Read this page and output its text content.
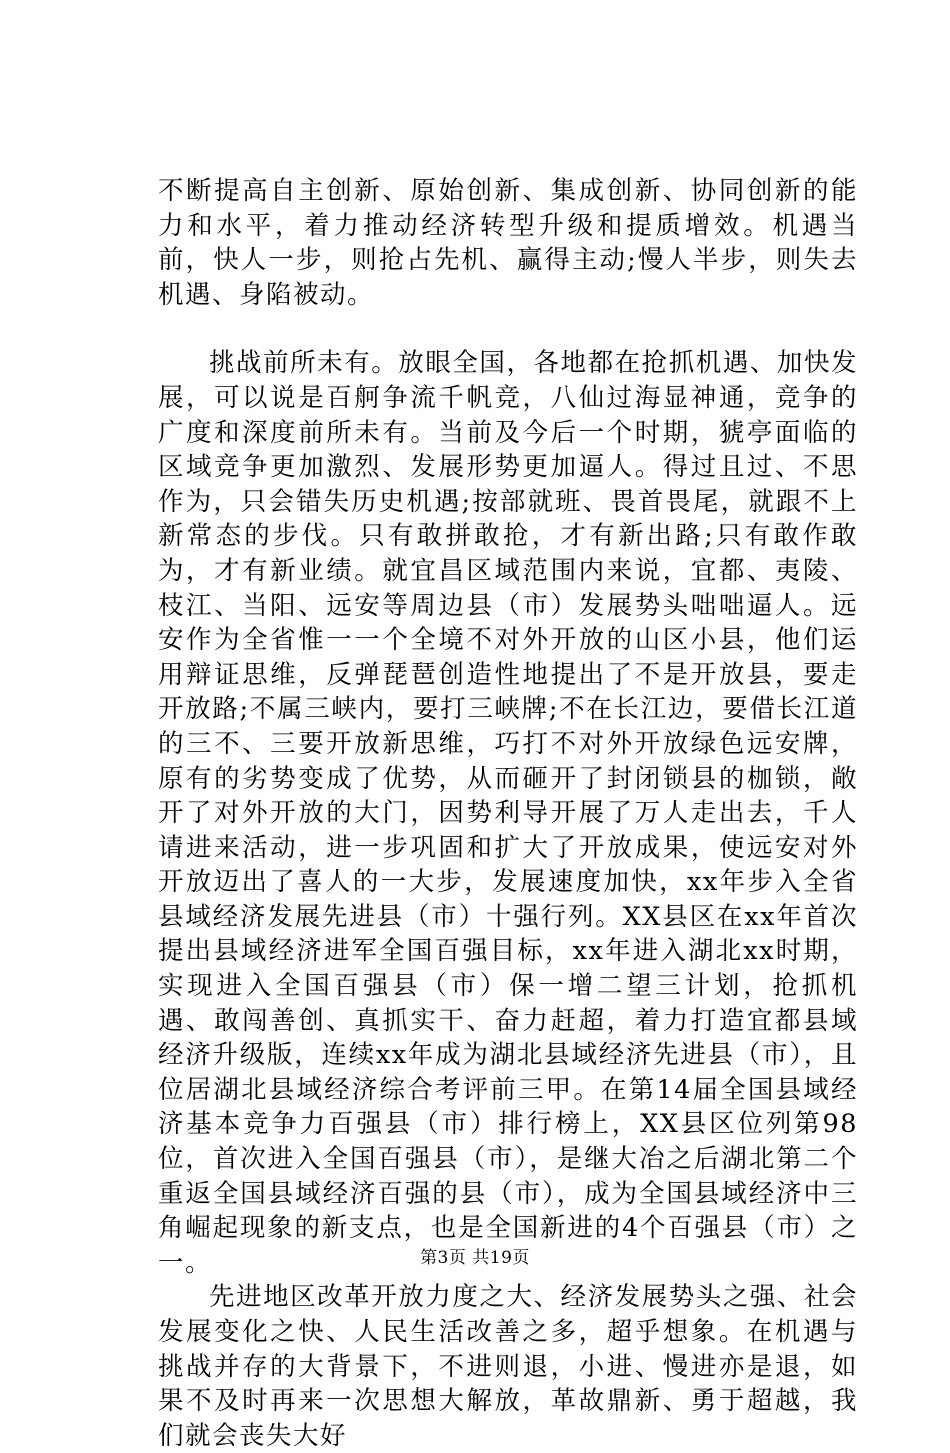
不断提高自主创新、原始创新、集成创新、协同创新的能力和水平，着力推动经济转型升级和提质增效。机遇当前，快人一步，则抢占先机、赢得主动;慢人半步，则失去机遇、身陷被动。

挑战前所未有。放眼全国，各地都在抢抓机遇、加快发展，可以说是百舸争流千帆竞，八仙过海显神通，竞争的广度和深度前所未有。当前及今后一个时期，猇亭面临的区域竞争更加激烈、发展形势更加逼人。得过且过、不思作为，只会错失历史机遇;按部就班、畏首畏尾，就跟不上新常态的步伐。只有敢拼敢抢，才有新出路;只有敢作敢为，才有新业绩。就宜昌区域范围内来说，宜都、夷陵、枝江、当阳、远安等周边县（市）发展势头咄咄逼人。远安作为全省惟一一个全境不对外开放的山区小县，他们运用辩证思维，反弹琵琶创造性地提出了不是开放县，要走开放路;不属三峡内，要打三峡牌;不在长江边，要借长江道的三不、三要开放新思维，巧打不对外开放绿色远安牌，原有的劣势变成了优势，从而砸开了封闭锁县的枷锁，敞开了对外开放的大门，因势利导开展了万人走出去，千人请进来活动，进一步巩固和扩大了开放成果，使远安对外开放迈出了喜人的一大步，发展速度加快，xx年步入全省县域经济发展先进县（市）十强行列。XX县区在xx年首次提出县域经济进军全国百强目标，xx年进入湖北xx时期，实现进入全国百强县（市）保一增二望三计划，抢抓机遇、敢闯善创、真抓实干、奋力赶超，着力打造宜都县域经济升级版，连续xx年成为湖北县域经济先进县（市），且位居湖北县域经济综合考评前三甲。在第14届全国县域经济基本竞争力百强县（市）排行榜上，XX县区位列第98位，首次进入全国百强县（市），是继大冶之后湖北第二个重返全国县域经济百强的县（市），成为全国县域经济中三角崛起现象的新支点，也是全国新进的4个百强县（市）之一。

先进地区改革开放力度之大、经济发展势头之强、社会发展变化之快、人民生活改善之多，超乎想象。在机遇与挑战并存的大背景下，不进则退，小进、慢进亦是退，如果不及时再来一次思想大解放，革故鼎新、勇于超越，我们就会丧失大好

第3页 共19页
